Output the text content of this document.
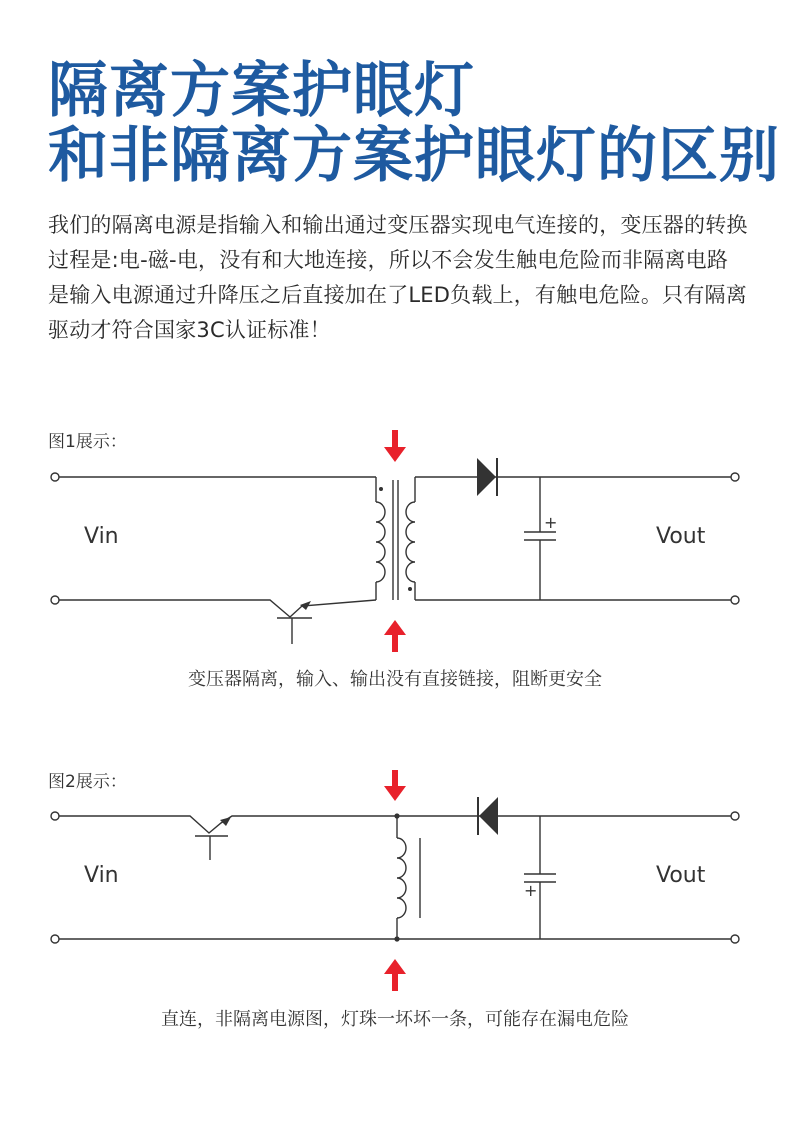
隔离方案护眼灯
和非隔离方案护眼灯的区别

我们的隔离电源是指输入和输出通过变压器实现电气连接的，变压器的转换过程是:电-磁-电，没有和大地连接，所以不会发生触电危险而非隔离电路是输入电源通过升降压之后直接加在了LED负载上，有触电危险。只有隔离驱动才符合国家3C认证标准！

图1展示：
+
Vin	Vout
变压器隔离，输入、输出没有直接链接，阻断更安全
图2展示：
+
Vin	Vout
直连，非隔离电源图，灯珠一坏坏一条，可能存在漏电危险
